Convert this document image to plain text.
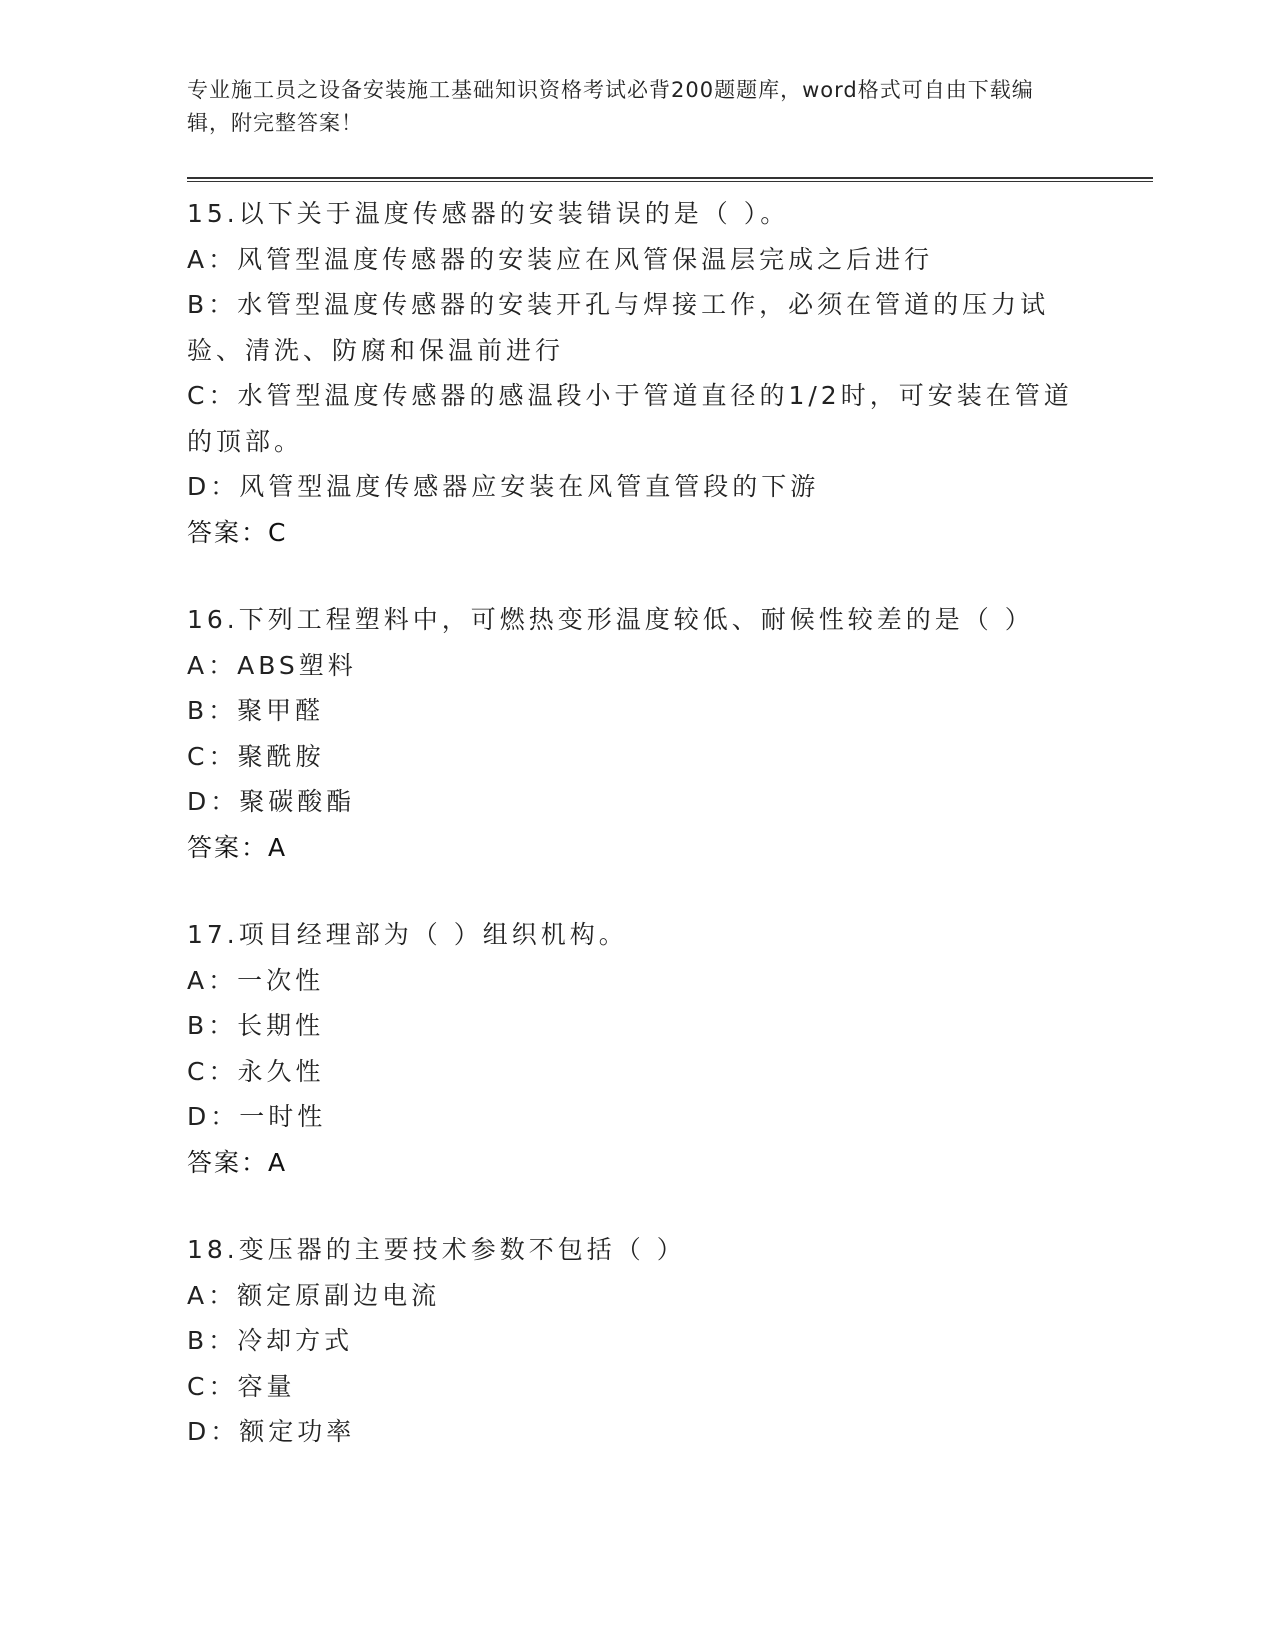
专业施工员之设备安装施工基础知识资格考试必背200题题库，word格式可自由下载编辑，附完整答案！
15.以下关于温度传感器的安装错误的是（ ）。
A：风管型温度传感器的安装应在风管保温层完成之后进行
B：水管型温度传感器的安装开孔与焊接工作，必须在管道的压力试验、清洗、防腐和保温前进行
C：水管型温度传感器的感温段小于管道直径的1/2时，可安装在管道的顶部。
D：风管型温度传感器应安装在风管直管段的下游
答案：C
16.下列工程塑料中，可燃热变形温度较低、耐候性较差的是（ ）
A：ABS塑料
B：聚甲醛
C：聚酰胺
D：聚碳酸酯
答案：A
17.项目经理部为（ ）组织机构。
A：一次性
B：长期性
C：永久性
D：一时性
答案：A
18.变压器的主要技术参数不包括（ ）
A：额定原副边电流
B：冷却方式
C：容量
D：额定功率
